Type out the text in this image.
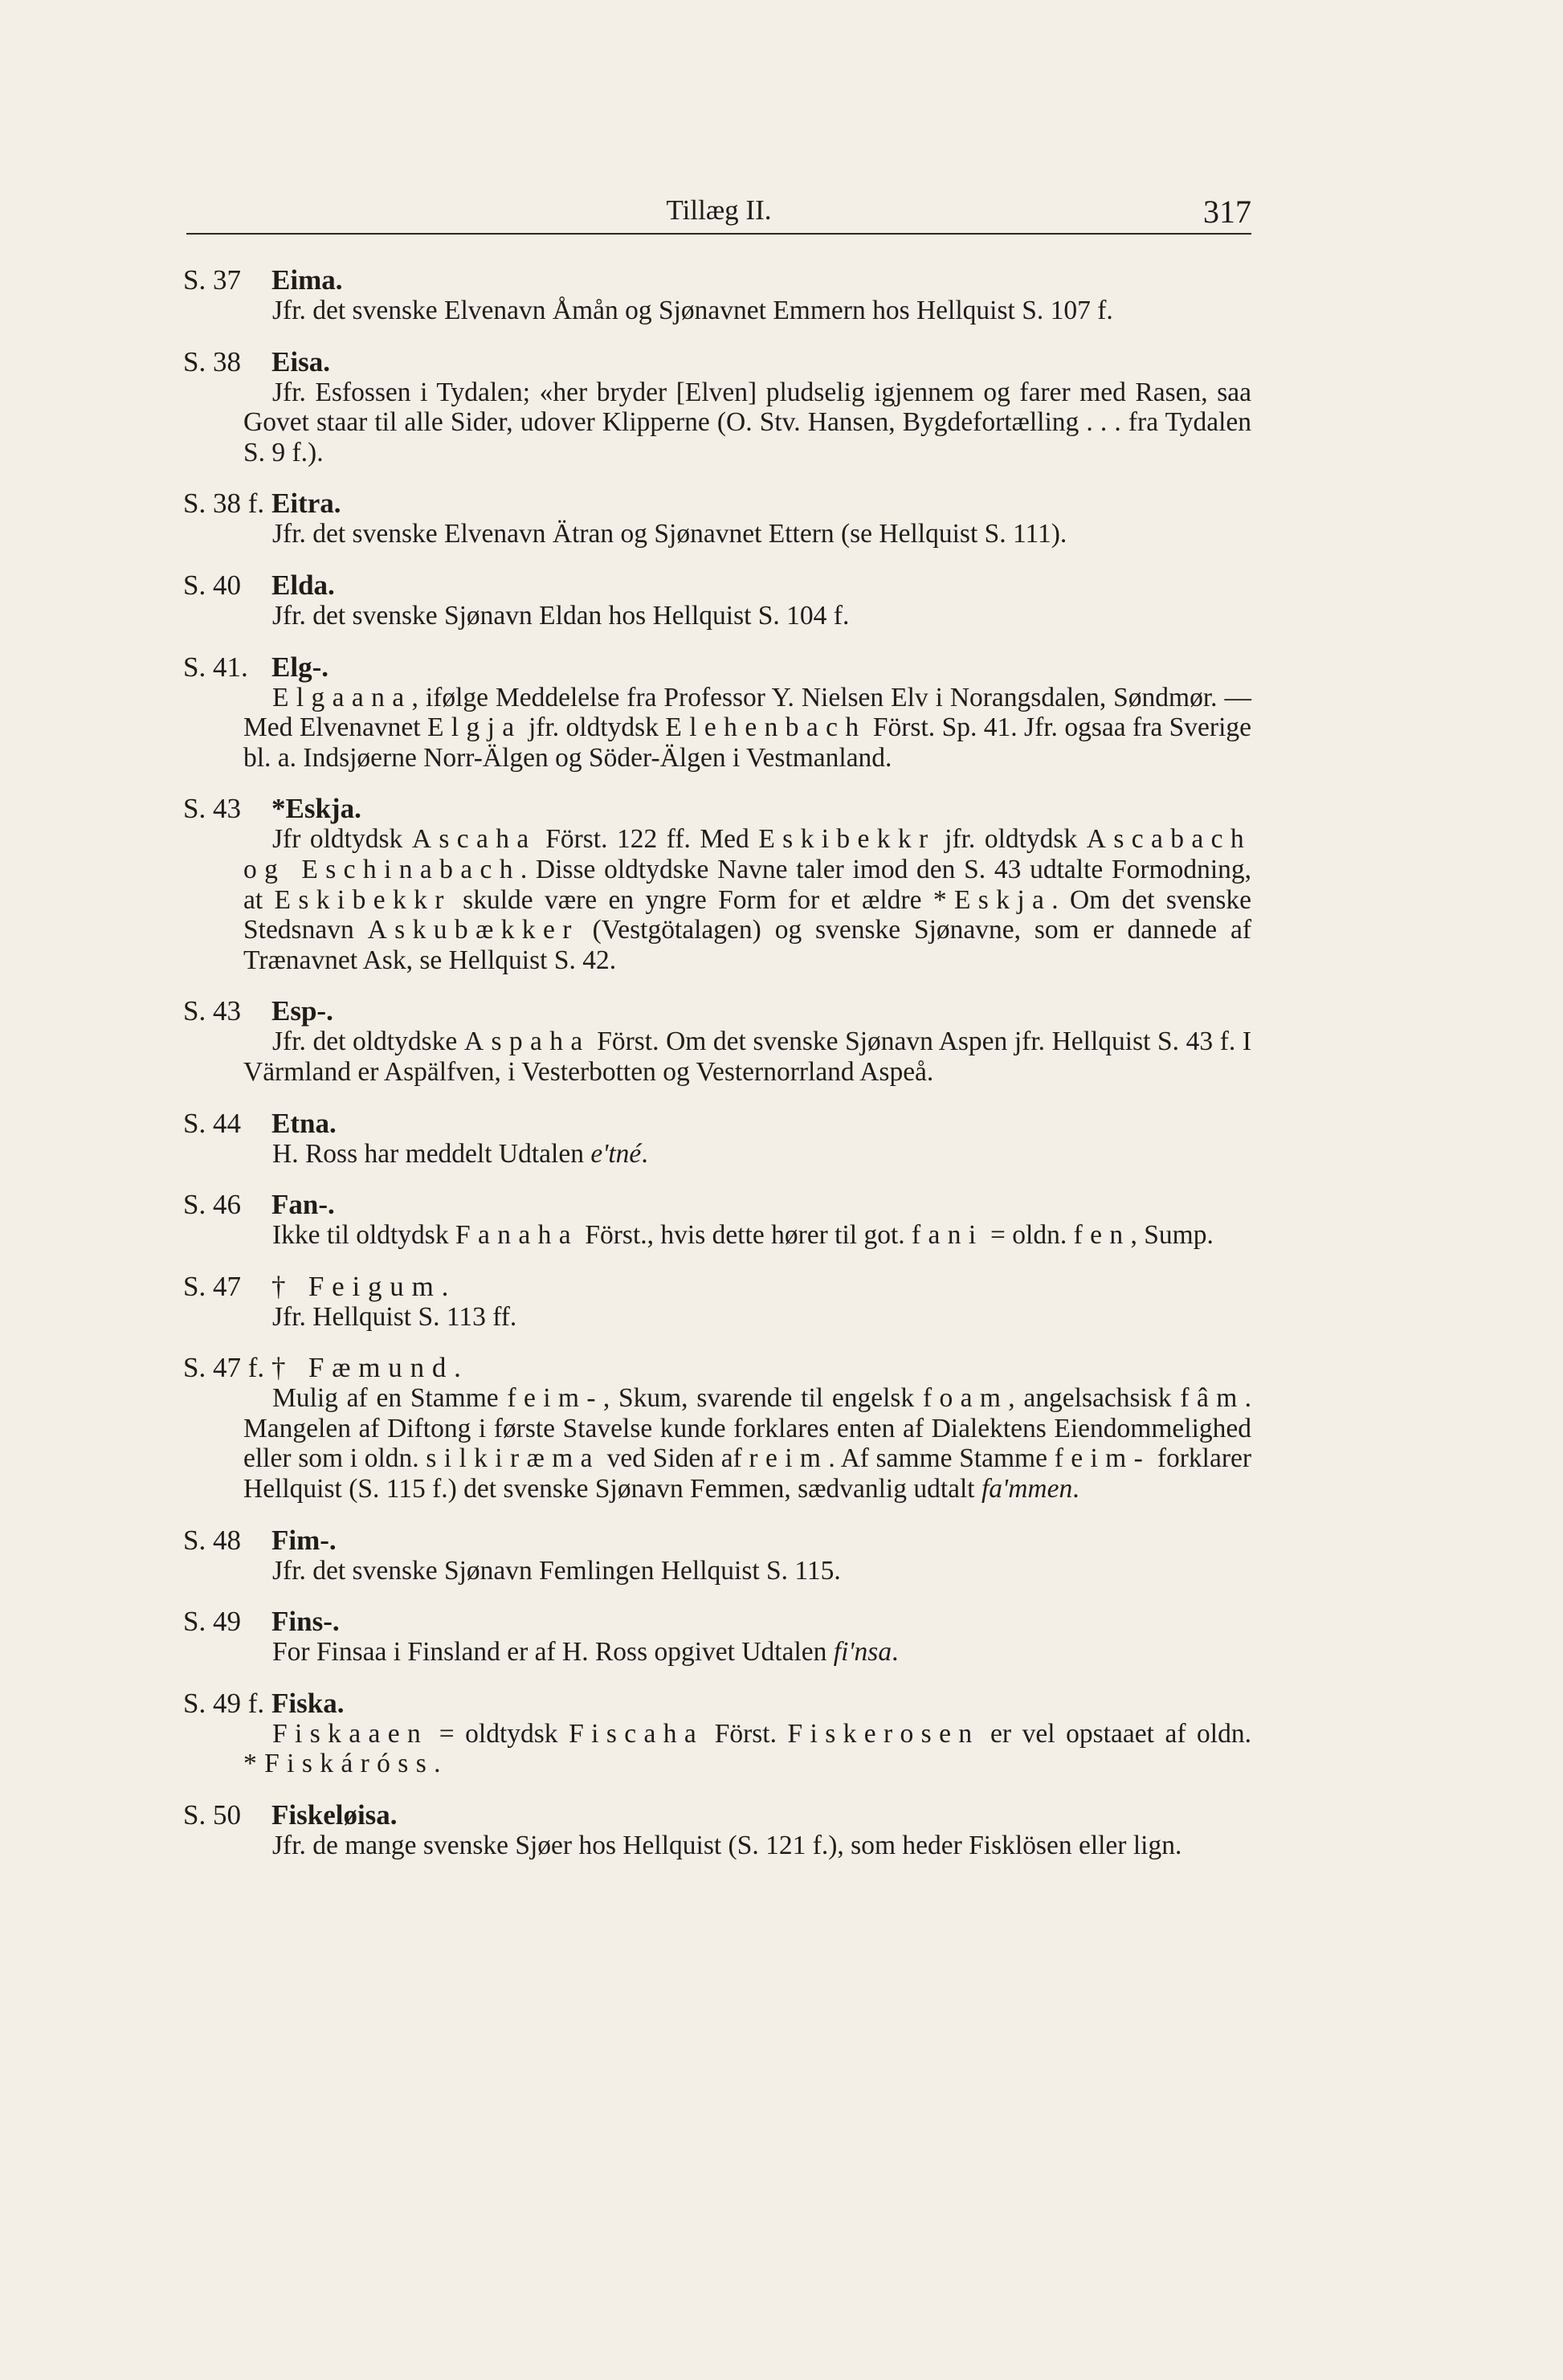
Tillæg II.	317
S. 37 Eima.
Jfr. det svenske Elvenavn Åmån og Sjønavnet Emmern hos Hellquist S. 107 f.
S. 38 Eisa.
Jfr. Esfossen i Tydalen; «her bryder [Elven] pludselig igjennem og farer med Rasen, saa Govet staar til alle Sider, udover Klipperne (O. Stv. Hansen, Bygdefortælling . . . fra Tydalen S. 9 f.).
S. 38 f. Eitra.
Jfr. det svenske Elvenavn Ätran og Sjønavnet Ettern (se Hellquist S. 111).
S. 40 Elda.
Jfr. det svenske Sjønavn Eldan hos Hellquist S. 104 f.
S. 41. Elg-.
Elgaana, ifølge Meddelelse fra Professor Y. Nielsen Elv i Norangsdalen, Søndmør. — Med Elvenavnet Elgja jfr. oldtydsk Elehenbach Först. Sp. 41. Jfr. ogsaa fra Sverige bl. a. Indsjøerne Norr-Älgen og Söder-Älgen i Vestmanland.
S. 43 *Eskja.
Jfr oldtydsk Ascaha Först. 122 ff. Med Eskibekkr jfr. oldtydsk Ascabach og Eschinabach. Disse oldtydske Navne taler imod den S. 43 udtalte Formodning, at Eskibekkr skulde være en yngre Form for et ældre *Eskja. Om det svenske Stedsnavn Askubækker (Vestgötalagen) og svenske Sjønavne, som er dannede af Trænavnet Ask, se Hellquist S. 42.
S. 43 Esp-.
Jfr. det oldtydske Aspaha Först. Om det svenske Sjønavn Aspen jfr. Hellquist S. 43 f. I Värmland er Aspälfven, i Vesterbotten og Vesternorrland Aspeå.
S. 44 Etna.
H. Ross har meddelt Udtalen e'tné.
S. 46 Fan-.
Ikke til oldtydsk Fanaha Först., hvis dette hører til got. fani = oldn. fen, Sump.
S. 47 † Feigum.
Jfr. Hellquist S. 113 ff.
S. 47 f. † Fæmund.
Mulig af en Stamme feim-, Skum, svarende til engelsk foam, angelsachsisk fâm. Mangelen af Diftong i første Stavelse kunde forklares enten af Dialektens Eiendommelighed eller som i oldn. silkiræma ved Siden af reim. Af samme Stamme feim- forklarer Hellquist (S. 115 f.) det svenske Sjønavn Femmen, sædvanlig udtalt fa'mmen.
S. 48 Fim-.
Jfr. det svenske Sjønavn Femlingen Hellquist S. 115.
S. 49 Fins-.
For Finsaa i Finsland er af H. Ross opgivet Udtalen fi'nsa.
S. 49 f. Fiska.
Fiskaaen = oldtydsk Fiscaha Först. Fiskerosen er vel opstaaet af oldn. *Fiskáróss.
S. 50 Fiskeløisa.
Jfr. de mange svenske Sjøer hos Hellquist (S. 121 f.), som heder Fisklösen eller lign.
